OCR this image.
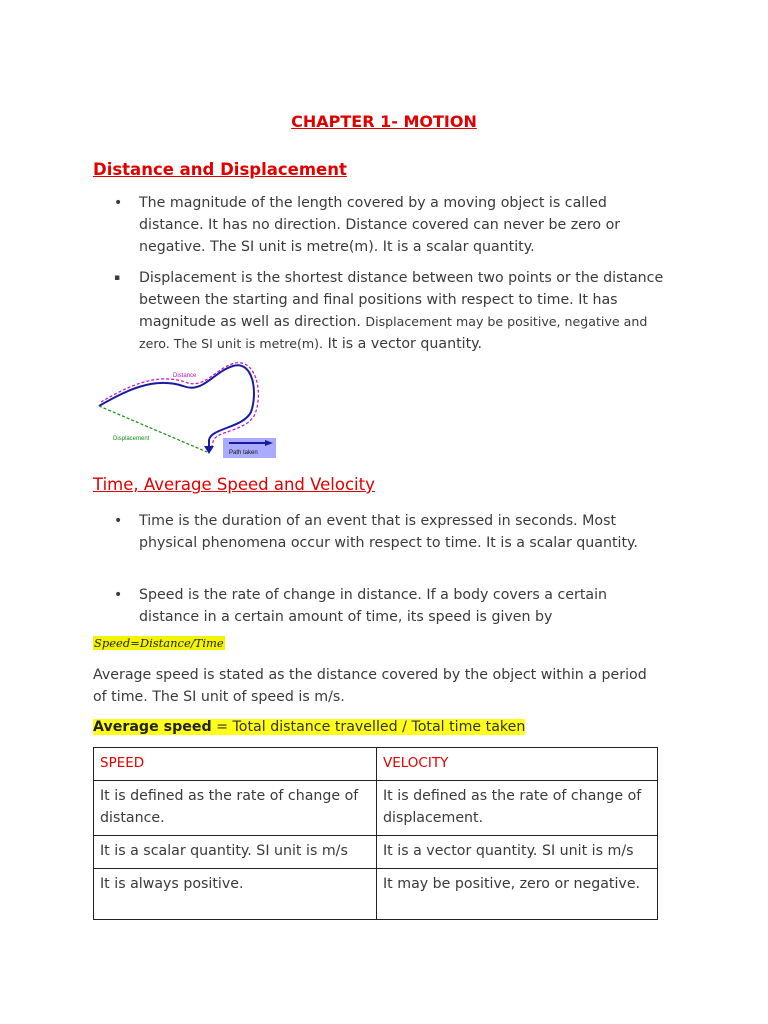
CHAPTER 1- MOTION
Distance and Displacement
• The magnitude of the length covered by a moving object is called distance. It has no direction. Distance covered can never be zero or negative. The SI unit is metre(m). It is a scalar quantity.
▪ Displacement is the shortest distance between two points or the distance between the starting and final positions with respect to time. It has magnitude as well as direction. Displacement may be positive, negative and zero. The SI unit is metre(m). It is a vector quantity.
Distance
Displacement
Path taken
Time, Average Speed and Velocity
• Time is the duration of an event that is expressed in seconds. Most physical phenomena occur with respect to time. It is a scalar quantity.
• Speed is the rate of change in distance. If a body covers a certain distance in a certain amount of time, its speed is given by
Speed=Distance/Time
Average speed is stated as the distance covered by the object within a period of time. The SI unit of speed is m/s.
Average speed = Total distance travelled / Total time taken
SPEED	VELOCITY
It is defined as the rate of change of distance.	It is defined as the rate of change of displacement.
It is a scalar quantity. SI unit is m/s	It is a vector quantity. SI unit is m/s
It is always positive.	It may be positive, zero or negative.
